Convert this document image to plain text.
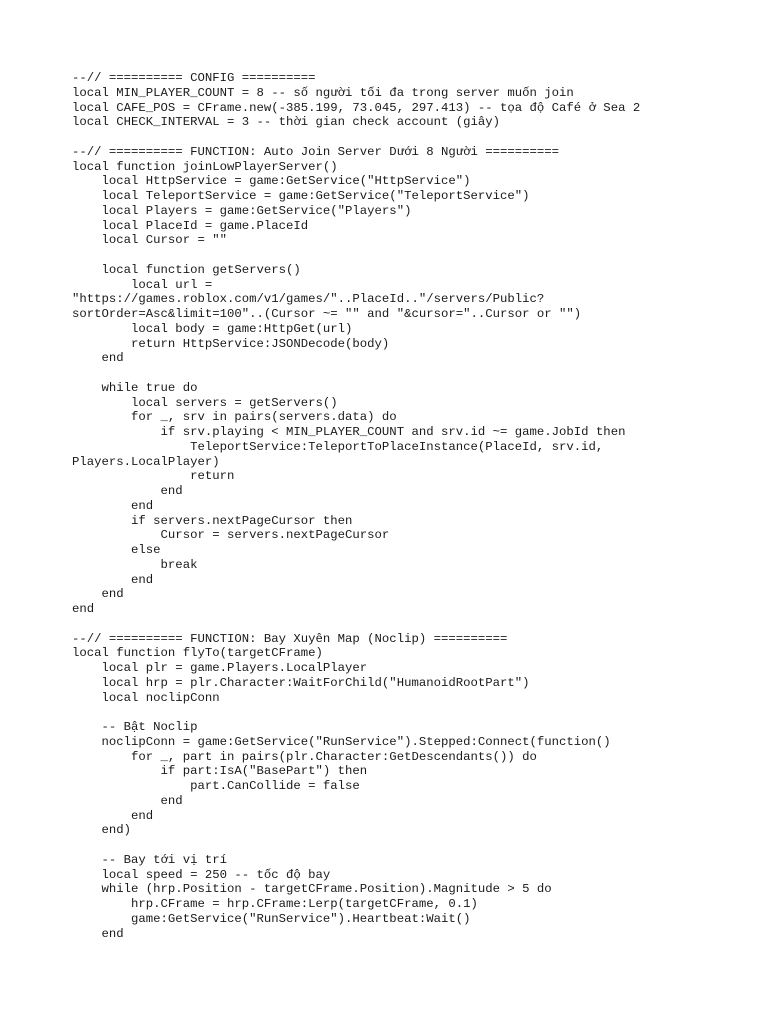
--// ========== CONFIG ==========
local MIN_PLAYER_COUNT = 8 -- số người tối đa trong server muốn join
local CAFE_POS = CFrame.new(-385.199, 73.045, 297.413) -- tọa độ Café ở Sea 2
local CHECK_INTERVAL = 3 -- thời gian check account (giây)
--// ========== FUNCTION: Auto Join Server Dưới 8 Người ==========
local function joinLowPlayerServer()
local HttpService = game:GetService("HttpService")
local TeleportService = game:GetService("TeleportService")
local Players = game:GetService("Players")
local PlaceId = game.PlaceId
local Cursor = ""
local function getServers()
local url =
"https://games.roblox.com/v1/games/"..PlaceId.."/servers/Public?
sortOrder=Asc&limit=100"..(Cursor ~= "" and "&cursor="..Cursor or "")
local body = game:HttpGet(url)
return HttpService:JSONDecode(body)
end
while true do
local servers = getServers()
for _, srv in pairs(servers.data) do
if srv.playing < MIN_PLAYER_COUNT and srv.id ~= game.JobId then
TeleportService:TeleportToPlaceInstance(PlaceId, srv.id,
Players.LocalPlayer)
return
end
end
if servers.nextPageCursor then
Cursor = servers.nextPageCursor
else
break
end
end
end
--// ========== FUNCTION: Bay Xuyên Map (Noclip) ==========
local function flyTo(targetCFrame)
local plr = game.Players.LocalPlayer
local hrp = plr.Character:WaitForChild("HumanoidRootPart")
local noclipConn
-- Bật Noclip
noclipConn = game:GetService("RunService").Stepped:Connect(function()
for _, part in pairs(plr.Character:GetDescendants()) do
if part:IsA("BasePart") then
part.CanCollide = false
end
end
end)
-- Bay tới vị trí
local speed = 250 -- tốc độ bay
while (hrp.Position - targetCFrame.Position).Magnitude > 5 do
hrp.CFrame = hrp.CFrame:Lerp(targetCFrame, 0.1)
game:GetService("RunService").Heartbeat:Wait()
end
